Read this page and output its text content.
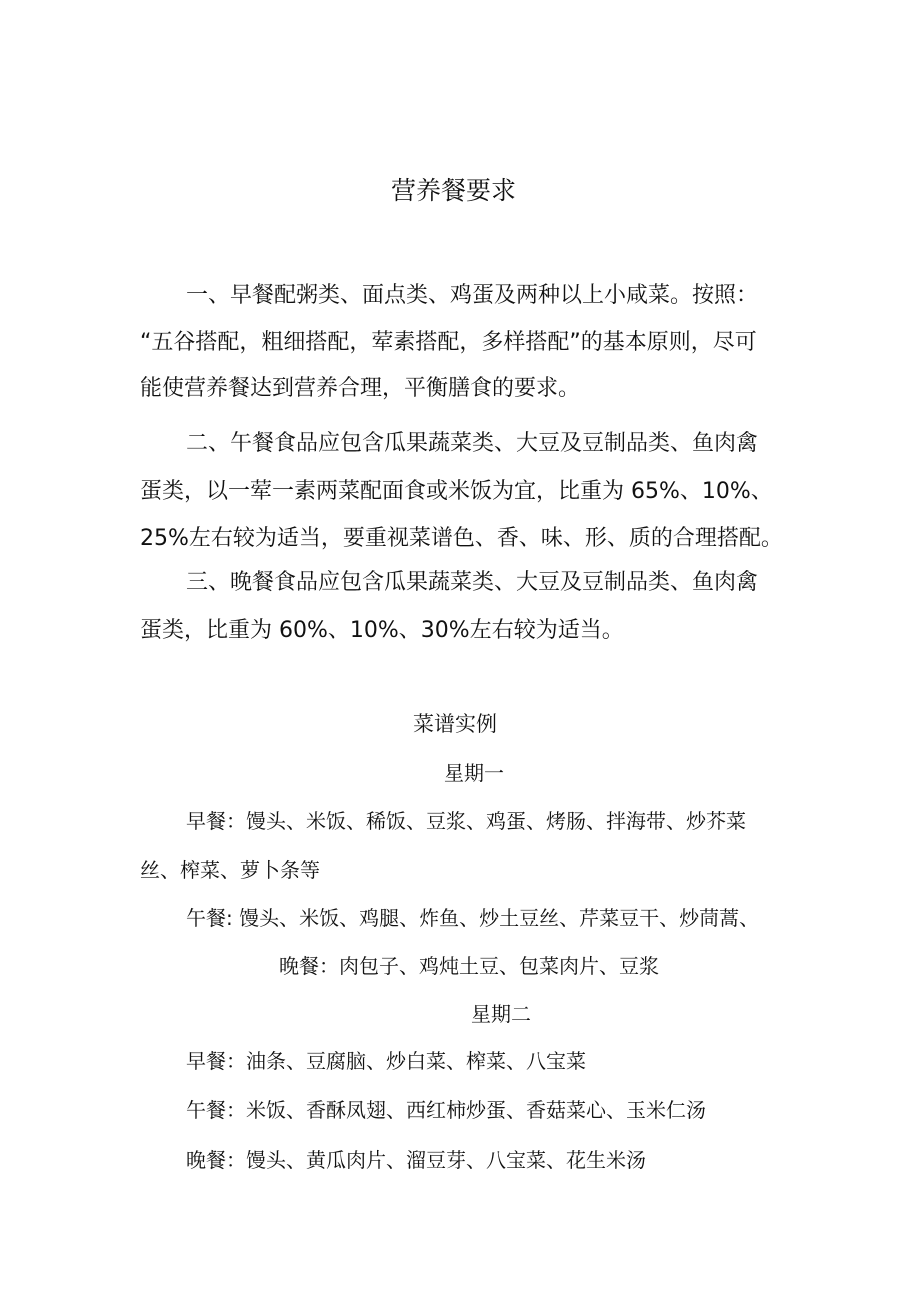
营养餐要求
一、早餐配粥类、面点类、鸡蛋及两种以上小咸菜。按照：
“五谷搭配，粗细搭配，荤素搭配，多样搭配”的基本原则，尽可
能使营养餐达到营养合理，平衡膳食的要求。
二、午餐食品应包含瓜果蔬菜类、大豆及豆制品类、鱼肉禽
蛋类，以一荤一素两菜配面食或米饭为宜，比重为 65%、10%、
25%左右较为适当，要重视菜谱色、香、味、形、质的合理搭配。
三、晚餐食品应包含瓜果蔬菜类、大豆及豆制品类、鱼肉禽
蛋类，比重为 60%、10%、30%左右较为适当。
菜谱实例
星期一
早餐：馒头、米饭、稀饭、豆浆、鸡蛋、烤肠、拌海带、炒芥菜
丝、榨菜、萝卜条等
午餐: 馒头、米饭、鸡腿、炸鱼、炒土豆丝、芹菜豆干、炒茼蒿、
晚餐：肉包子、鸡炖土豆、包菜肉片、豆浆
星期二
早餐：油条、豆腐脑、炒白菜、榨菜、八宝菜
午餐：米饭、香酥凤翅、西红柿炒蛋、香菇菜心、玉米仁汤
晚餐：馒头、黄瓜肉片、溜豆芽、八宝菜、花生米汤
